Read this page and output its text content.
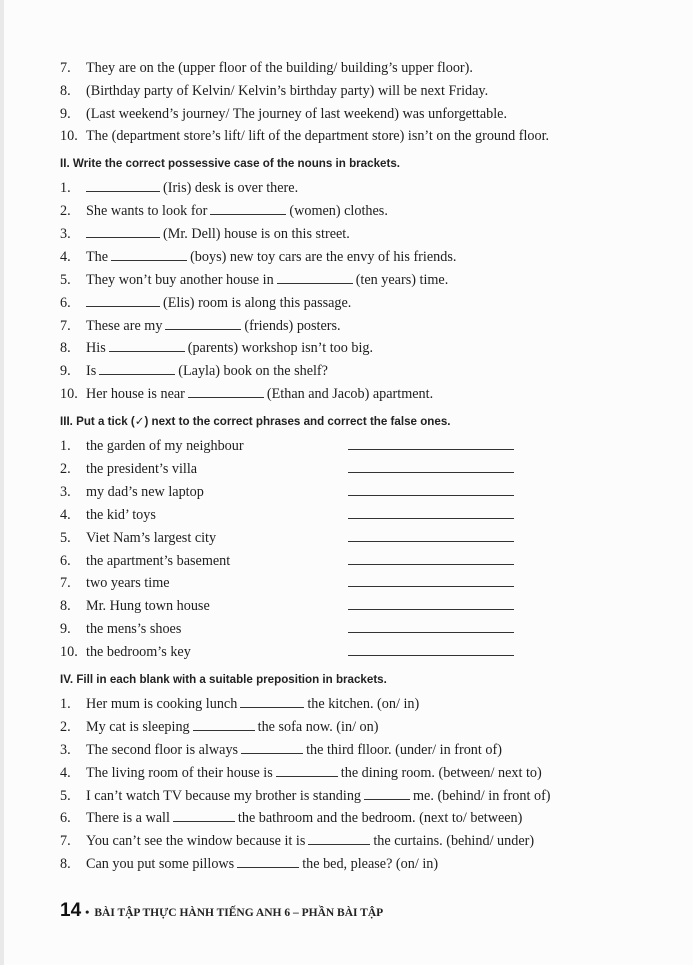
7.	They are on the (upper floor of the building/ building’s upper floor).
8.	(Birthday party of Kelvin/ Kelvin’s birthday party) will be next Friday.
9.	(Last weekend’s journey/ The journey of last weekend) was unforgettable.
10. The (department store’s lift/ lift of the department store) isn’t on the ground floor.
II. Write the correct possessive case of the nouns in brackets.
1.	(Iris) desk is over there.
2.	She wants to look for	(women) clothes.
3.	(Mr. Dell) house is on this street.
4.	The	(boys) new toy cars are the envy of his friends.
5.	They won’t buy another house in	(ten years) time.
6.	(Elis) room is along this passage.
7.	These are my	(friends) posters.
8.	His	(parents) workshop isn’t too big.
9.	Is	(Layla) book on the shelf?
10. Her house is near	(Ethan and Jacob) apartment.
III. Put a tick (✓) next to the correct phrases and correct the false ones.
1.	the garden of my neighbour
2.	the president’s villa
3.	my dad’s new laptop
4.	the kid’ toys
5.	Viet Nam’s largest city
6.	the apartment’s basement
7.	two years time
8.	Mr. Hung town house
9.	the mens’s shoes
10. the bedroom’s key
IV. Fill in each blank with a suitable preposition in brackets.
1.	Her mum is cooking lunch	the kitchen. (on/ in)
2.	My cat is sleeping	the sofa now. (in/ on)
3.	The second floor is always	the third flloor. (under/ in front of)
4.	The living room of their house is	the dining room. (between/ next to)
5.	I can’t watch TV because my brother is standing	me. (behind/ in front of)
6.	There is a wall	the bathroom and the bedroom. (next to/ between)
7.	You can’t see the window because it is	the curtains. (behind/ under)
8.	Can you put some pillows	the bed, please? (on/ in)
14 • BÀI TẬP THỰC HÀNH TIẾNG ANH 6 – PHẦN BÀI TẬP
